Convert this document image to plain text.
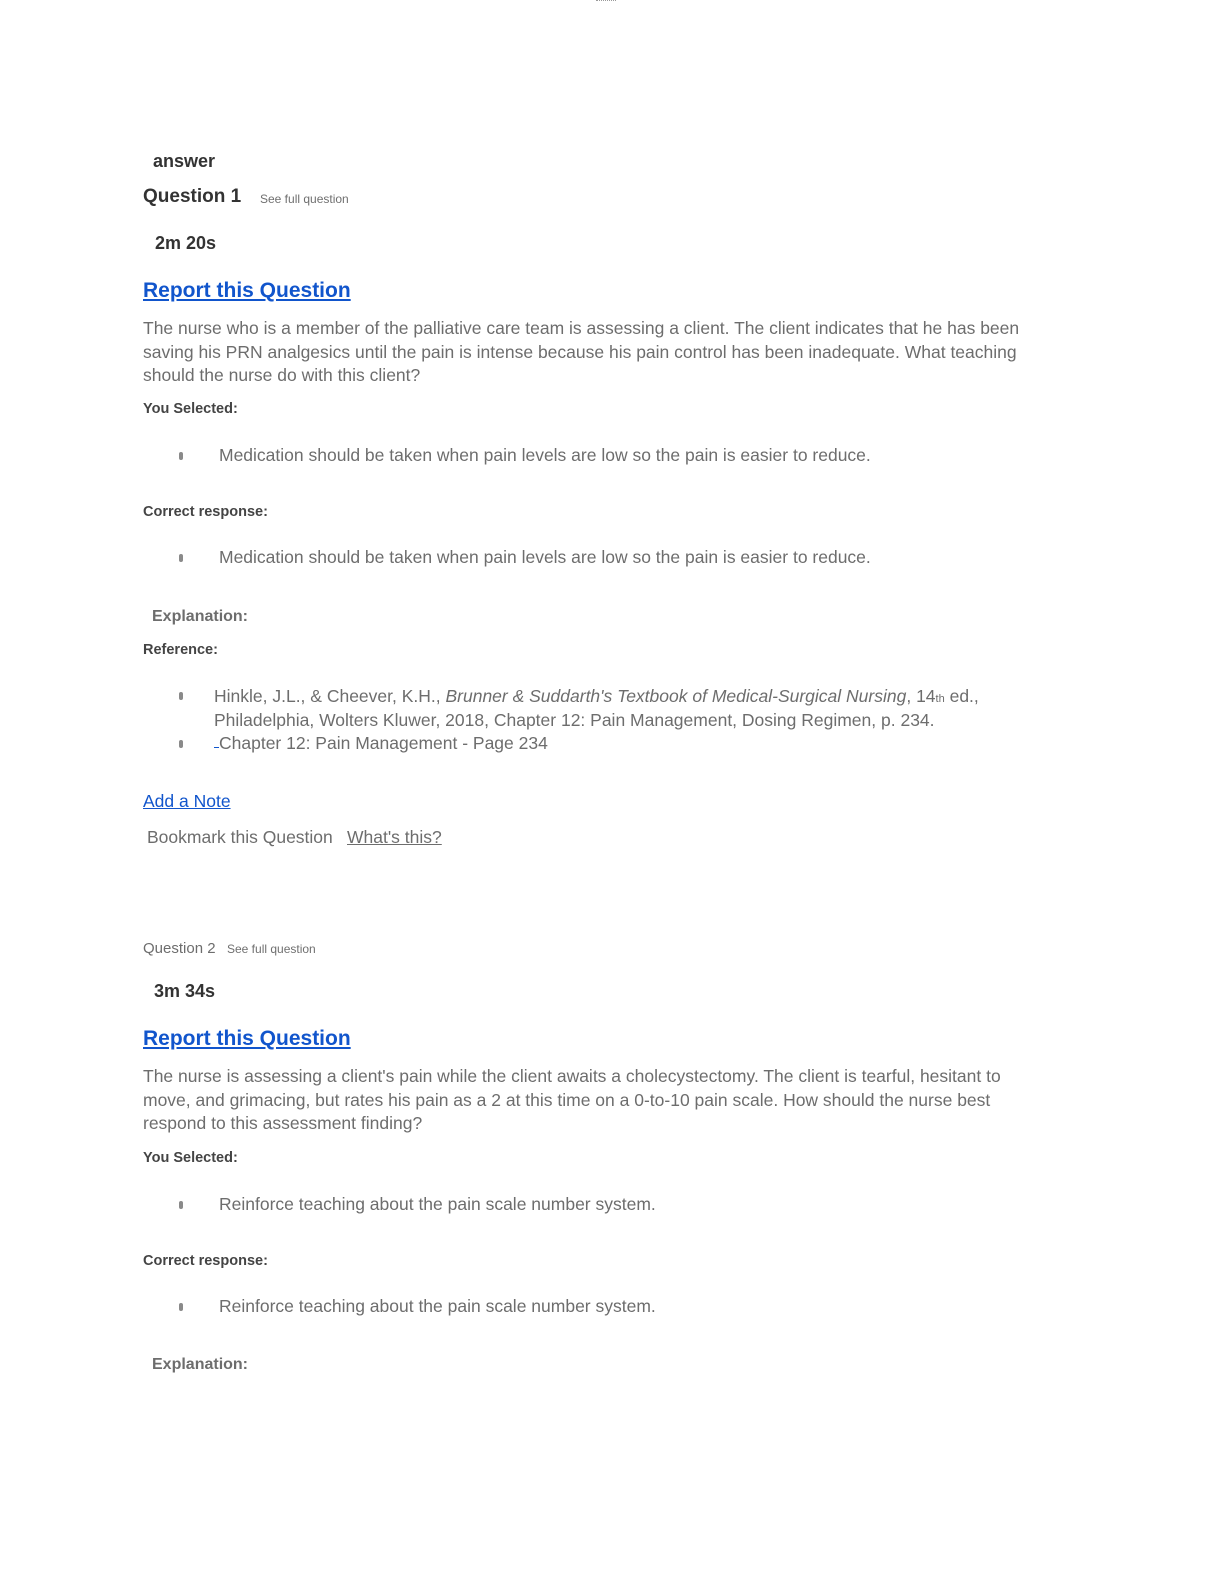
answer
Question 1 See full question
2m 20s
Report this Question
The nurse who is a member of the palliative care team is assessing a client. The client indicates that he has been saving his PRN analgesics until the pain is intense because his pain control has been inadequate. What teaching should the nurse do with this client?
You Selected:
Medication should be taken when pain levels are low so the pain is easier to reduce.
Correct response:
Medication should be taken when pain levels are low so the pain is easier to reduce.
Explanation:
Reference:
Hinkle, J.L., & Cheever, K.H., Brunner & Suddarth's Textbook of Medical-Surgical Nursing, 14th ed.,
Philadelphia, Wolters Kluwer, 2018, Chapter 12: Pain Management, Dosing Regimen, p. 234.
Chapter 12: Pain Management - Page 234
Add a Note
Bookmark this Question What's this?
Question 2 See full question
3m 34s
Report this Question
The nurse is assessing a client's pain while the client awaits a cholecystectomy. The client is tearful, hesitant to move, and grimacing, but rates his pain as a 2 at this time on a 0-to-10 pain scale. How should the nurse best respond to this assessment finding?
You Selected:
Reinforce teaching about the pain scale number system.
Correct response:
Reinforce teaching about the pain scale number system.
Explanation:
